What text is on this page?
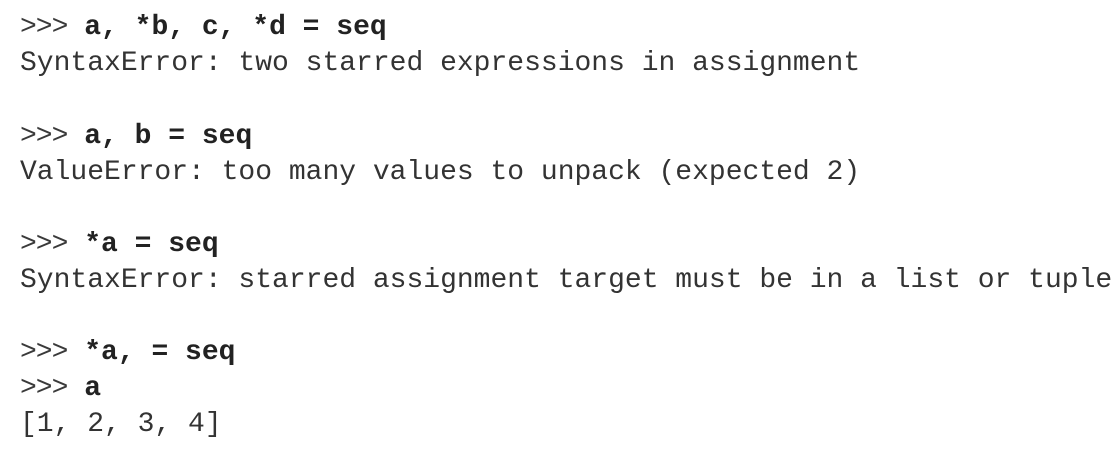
>>> a, *b, c, *d = seq
SyntaxError: two starred expressions in assignment
>>> a, b = seq
ValueError: too many values to unpack (expected 2)
>>> *a = seq
SyntaxError: starred assignment target must be in a list or tuple
>>> *a, = seq
>>> a
[1, 2, 3, 4]
